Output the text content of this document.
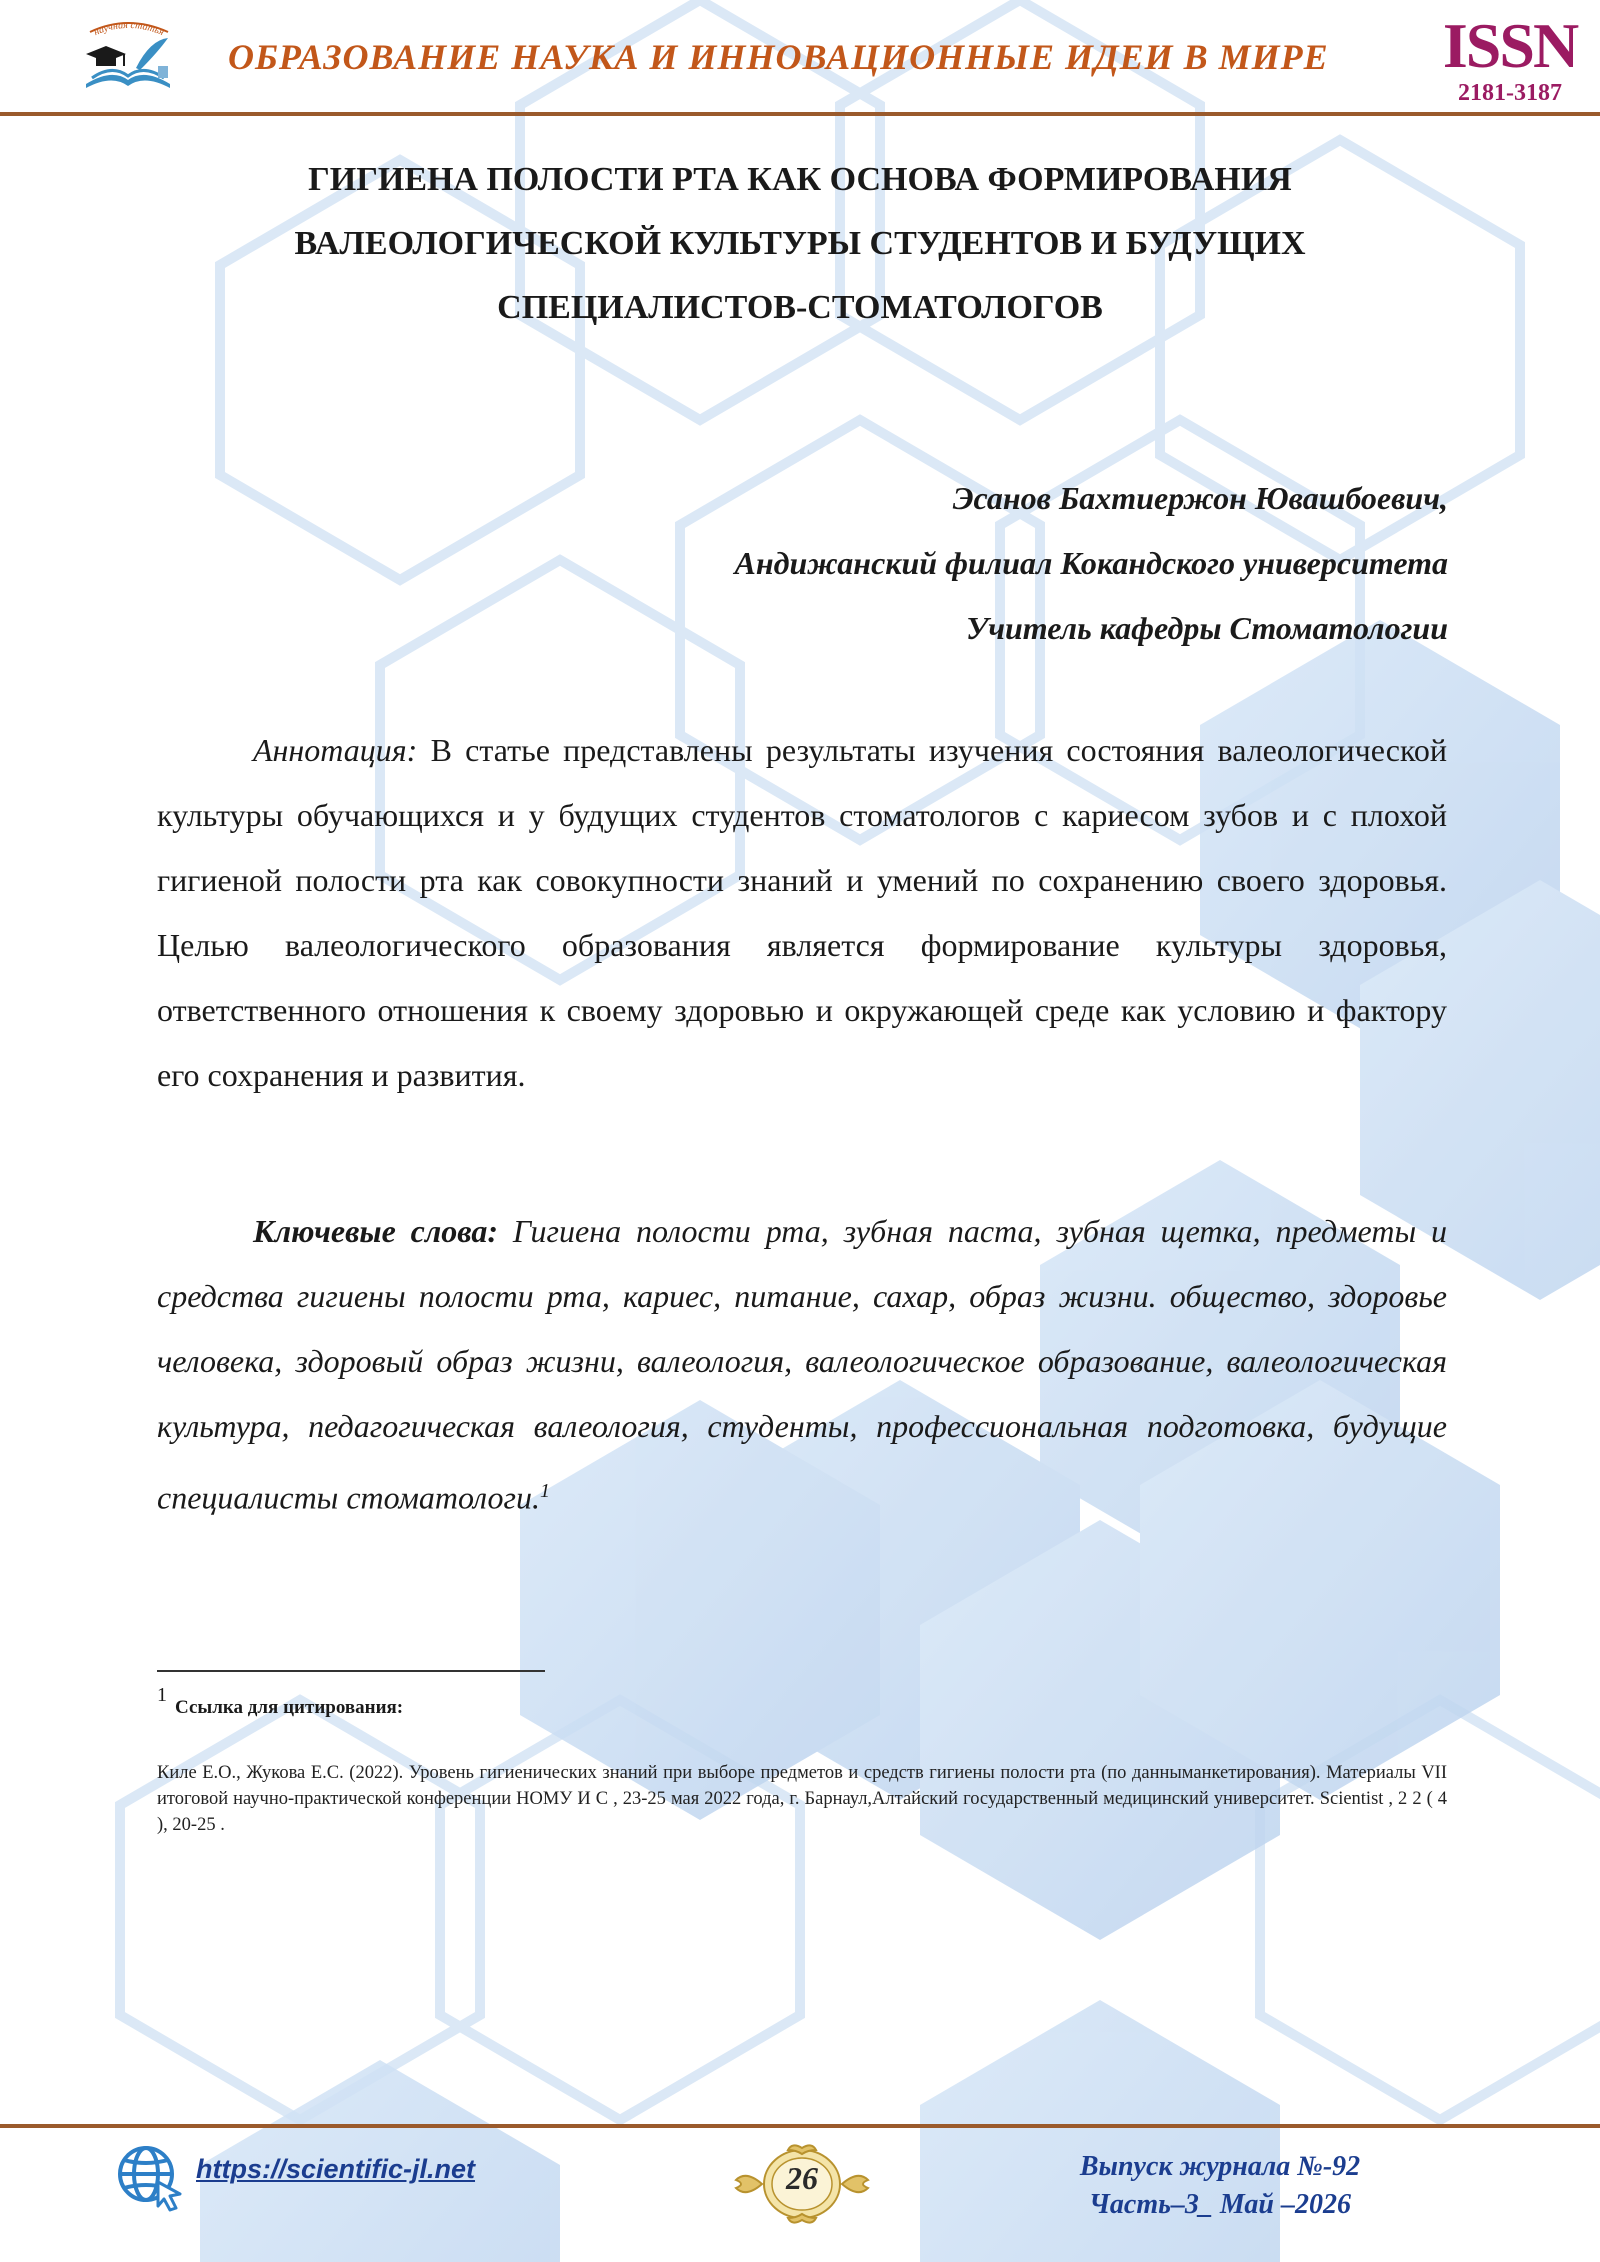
научная статья
ОБРАЗОВАНИЕ НАУКА И ИННОВАЦИОННЫЕ ИДЕИ В МИРЕ	ISSN
2181-3187
ГИГИЕНА ПОЛОСТИ РТА КАК ОСНОВА ФОРМИРОВАНИЯ
ВАЛЕОЛОГИЧЕСКОЙ КУЛЬТУРЫ СТУДЕНТОВ И БУДУЩИХ
СПЕЦИАЛИСТОВ-СТОМАТОЛОГОВ
Эсанов Бахтиержон Ювашбоевич,
Андижанский филиал Кокандского университета
Учитель кафедры Стоматологии
Аннотация: В статье представлены результаты изучения состояния валеологической культуры обучающихся и у будущих студентов стоматологов с кариесом зубов и с плохой гигиеной полости рта как совокупности знаний и умений по сохранению своего здоровья. Целью валеологического образования является формирование культуры здоровья, ответственного отношения к своему здоровью и окружающей среде как условию и фактору его сохранения и развития.
Ключевые слова: Гигиена полости рта, зубная паста, зубная щетка, предметы и средства гигиены полости рта, кариес, питание, сахар, образ жизни. общество, здоровье человека, здоровый образ жизни, валеология, валеологическое образование, валеологическая культура, педагогическая валеология, студенты, профессиональная подготовка, будущие специалисты стоматологи.$^1$
1Ссылка для цитирования:
Киле Е.О., Жукова Е.С. (2022). Уровень гигиенических знаний при выборе предметов и средств гигиены полости рта (по данныманкетирования). Материалы VII итоговой научно-практической конференции НОМУ И С , 23-25 мая 2022 года, г. Барнаул,Алтайский государственный медицинский университет. Scientist , 2 2 ( 4 ), 20-25 .
https://scientific-jl.net	26	Выпуск журнала №-92
Часть–3_ Май –2026
